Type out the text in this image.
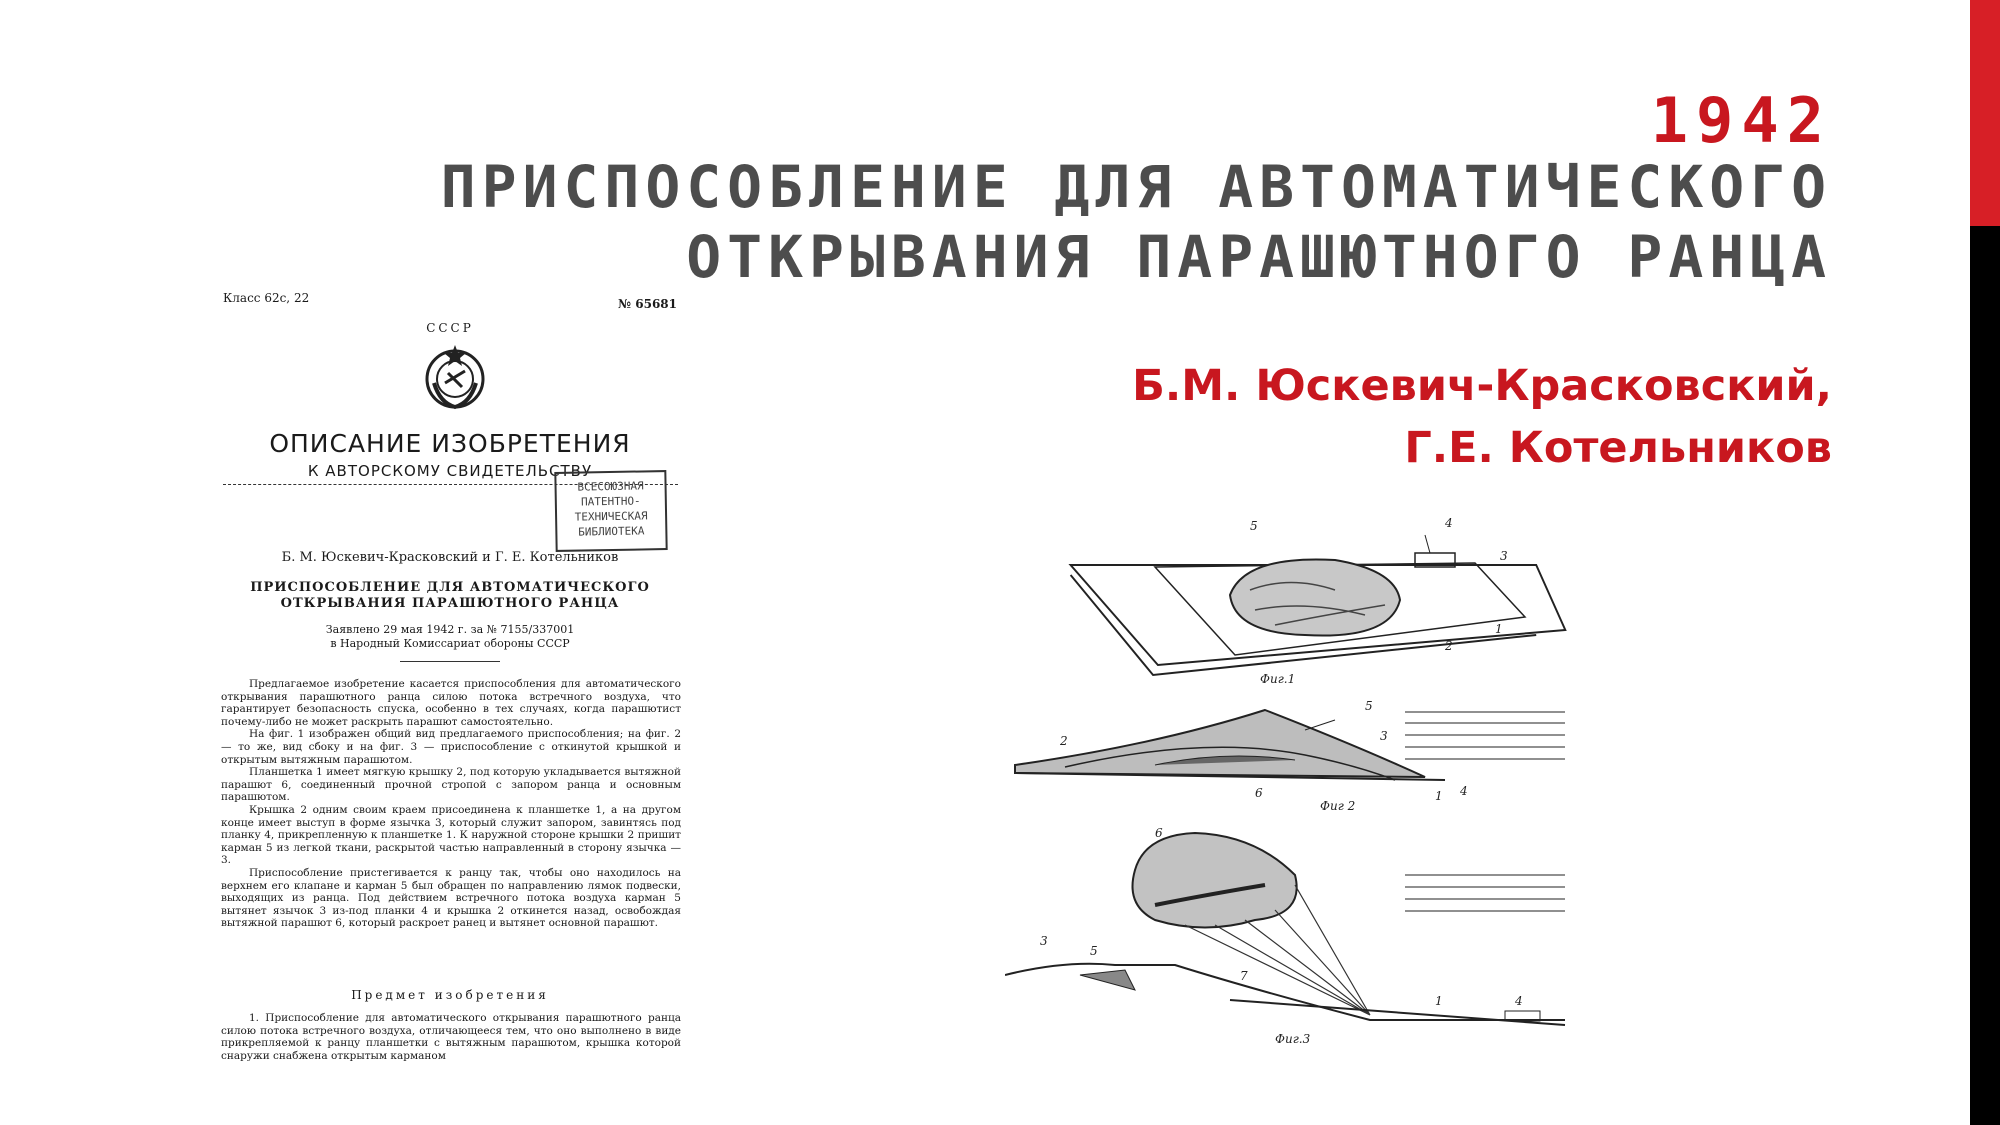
1942
ПРИСПОСОБЛЕНИЕ ДЛЯ АВТОМАТИЧЕСКОГО
ОТКРЫВАНИЯ ПАРАШЮТНОГО РАНЦА
Б.М. Юскевич-Красковский,
Г.Е. Котельников
Класс 62с, 22	№ 65681
СССР
ОПИСАНИЕ ИЗОБРЕТЕНИЯ
К АВТОРСКОМУ СВИДЕТЕЛЬСТВУ
ВСЕСОЮЗНАЯ
ПАТЕНТНО-
ТЕХНИЧЕСКАЯ
БИБЛИОТЕКА
Б. М. Юскевич-Красковский и Г. Е. Котельников
ПРИСПОСОБЛЕНИЕ ДЛЯ АВТОМАТИЧЕСКОГО
ОТКРЫВАНИЯ ПАРАШЮТНОГО РАНЦА
Заявлено 29 мая 1942 г. за № 7155/337001
в Народный Комиссариат обороны СССР

Предлагаемое изобретение касается приспособления для автоматического открывания парашютного ранца силою потока встречного воздуха, что гарантирует безопасность спуска, особенно в тех случаях, когда парашютист почему-либо не может раскрыть парашют самостоятельно.

На фиг. 1 изображен общий вид предлагаемого приспособления; на фиг. 2 — то же, вид сбоку и на фиг. 3 — приспособление с откинутой крышкой и открытым вытяжным парашютом.

Планшетка 1 имеет мягкую крышку 2, под которую укладывается вытяжной парашют 6, соединенный прочной стропой с запором ранца и основным парашютом.

Крышка 2 одним своим краем присоединена к планшетке 1, а на другом конце имеет выступ в форме язычка 3, который служит запором, завинтясь под планку 4, прикрепленную к планшетке 1. К наружной стороне крышки 2 пришит карман 5 из легкой ткани, раскрытой частью направленный в сторону язычка — 3.

Приспособление пристегивается к ранцу так, чтобы оно находилось на верхнем его клапане и карман 5 был обращен по направлению лямок подвески, выходящих из ранца. Под действием встречного потока воздуха карман 5 вытянет язычок 3 из-под планки 4 и крышка 2 откинется назад, освобождая вытяжной парашют 6, который раскроет ранец и вытянет основной парашют.

Предмет изобретения
1. Приспособление для автоматического открывания парашютного ранца силою потока встречного воздуха, отличающееся тем, что оно выполнено в виде прикрепляемой к ранцу планшетки с вытяжным парашютом, крышка которой снаружи снабжена открытым карманом
5	4
3
2
1
Фиг.1
2
5
3
6	1 4
Фиг 2
6
3
5
7
1	4
Фиг.3
